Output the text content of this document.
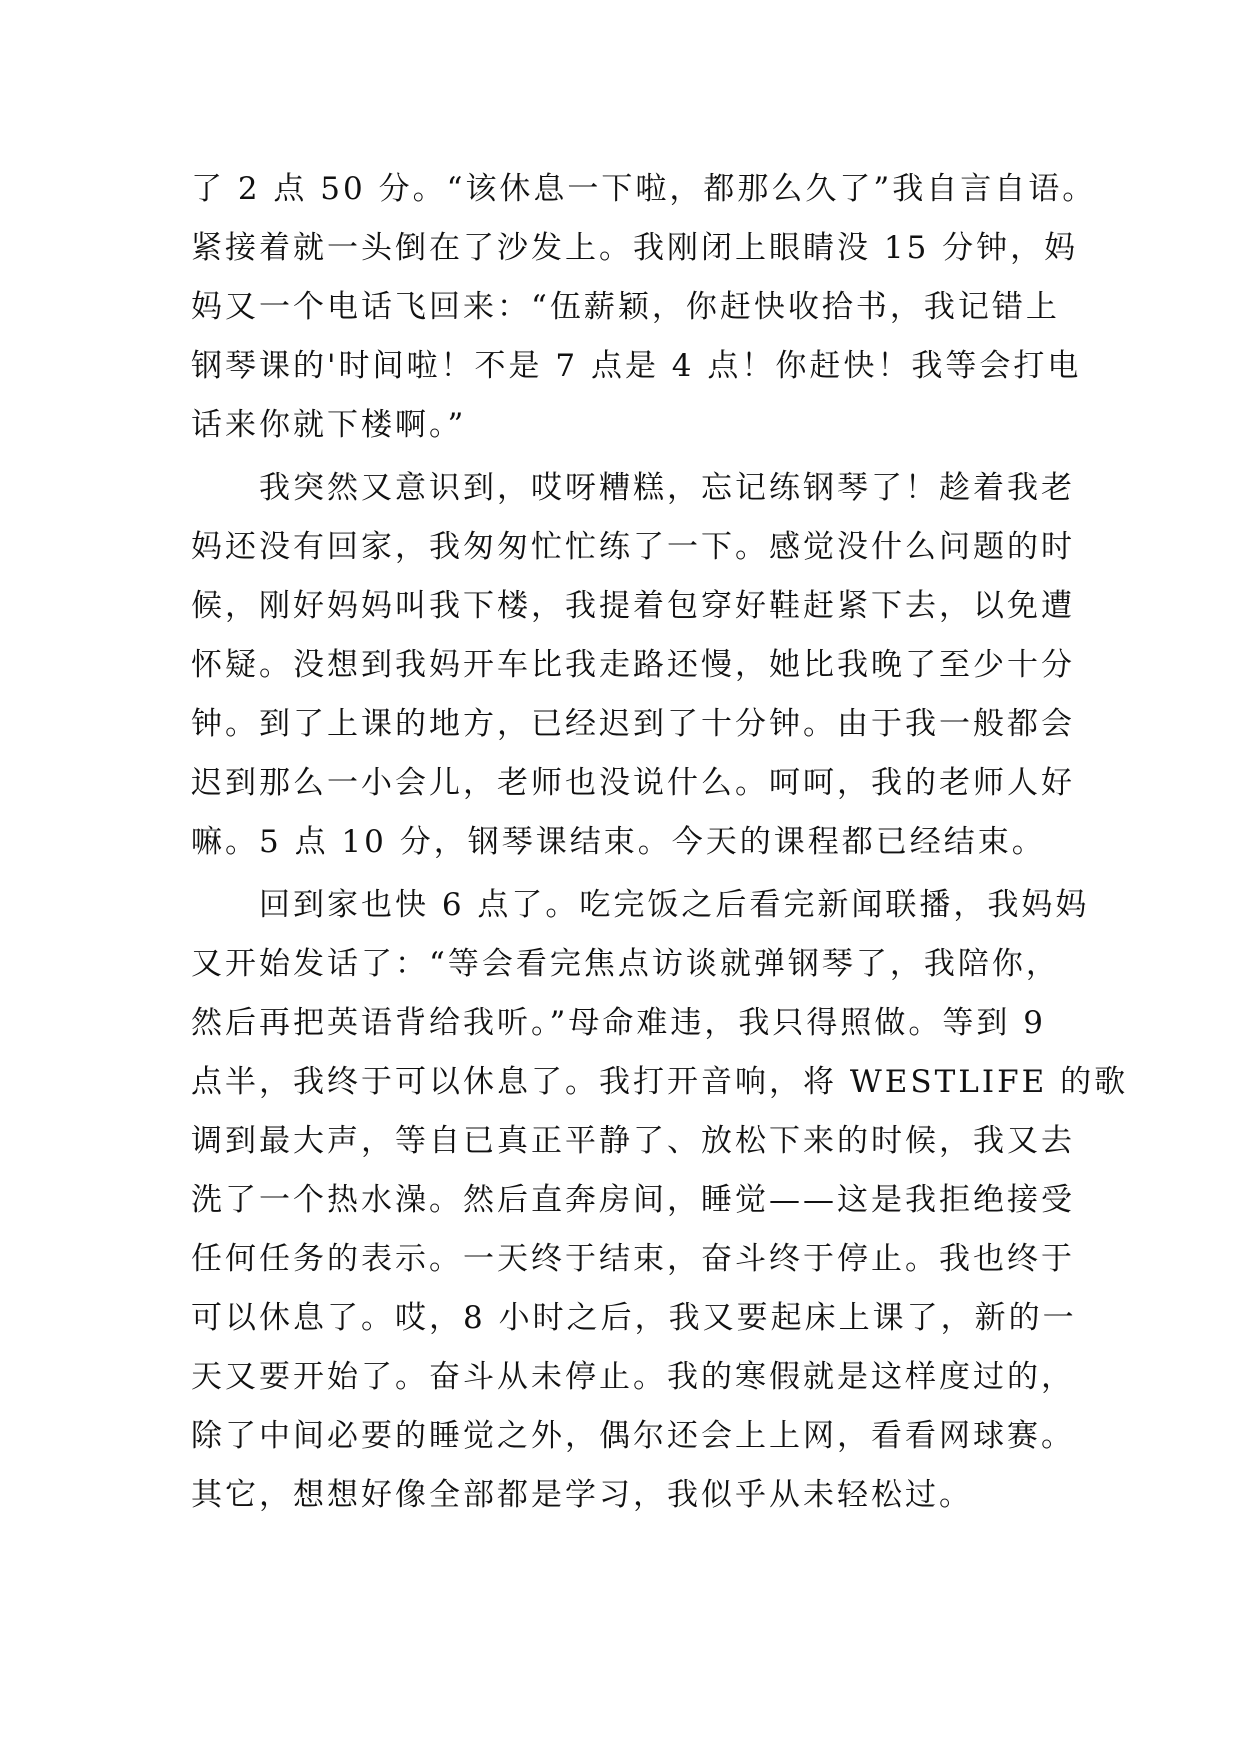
了 2 点 50 分。“该休息一下啦，都那么久了”我自言自语。
紧接着就一头倒在了沙发上。我刚闭上眼睛没 15 分钟，妈
妈又一个电话飞回来：“伍薪颖，你赶快收拾书，我记错上
钢琴课的'时间啦！不是 7 点是 4 点！你赶快！我等会打电
话来你就下楼啊。”
　　我突然又意识到，哎呀糟糕，忘记练钢琴了！趁着我老
妈还没有回家，我匆匆忙忙练了一下。感觉没什么问题的时
候，刚好妈妈叫我下楼，我提着包穿好鞋赶紧下去，以免遭
怀疑。没想到我妈开车比我走路还慢，她比我晚了至少十分
钟。到了上课的地方，已经迟到了十分钟。由于我一般都会
迟到那么一小会儿，老师也没说什么。呵呵，我的老师人好
嘛。5 点 10 分，钢琴课结束。今天的课程都已经结束。
　　回到家也快 6 点了。吃完饭之后看完新闻联播，我妈妈
又开始发话了：“等会看完焦点访谈就弹钢琴了，我陪你，
然后再把英语背给我听。”母命难违，我只得照做。等到 9
点半，我终于可以休息了。我打开音响，将 WESTLIFE 的歌
调到最大声，等自已真正平静了、放松下来的时候，我又去
洗了一个热水澡。然后直奔房间，睡觉——这是我拒绝接受
任何任务的表示。一天终于结束，奋斗终于停止。我也终于
可以休息了。哎，8 小时之后，我又要起床上课了，新的一
天又要开始了。奋斗从未停止。我的寒假就是这样度过的，
除了中间必要的睡觉之外，偶尔还会上上网，看看网球赛。
其它，想想好像全部都是学习，我似乎从未轻松过。
